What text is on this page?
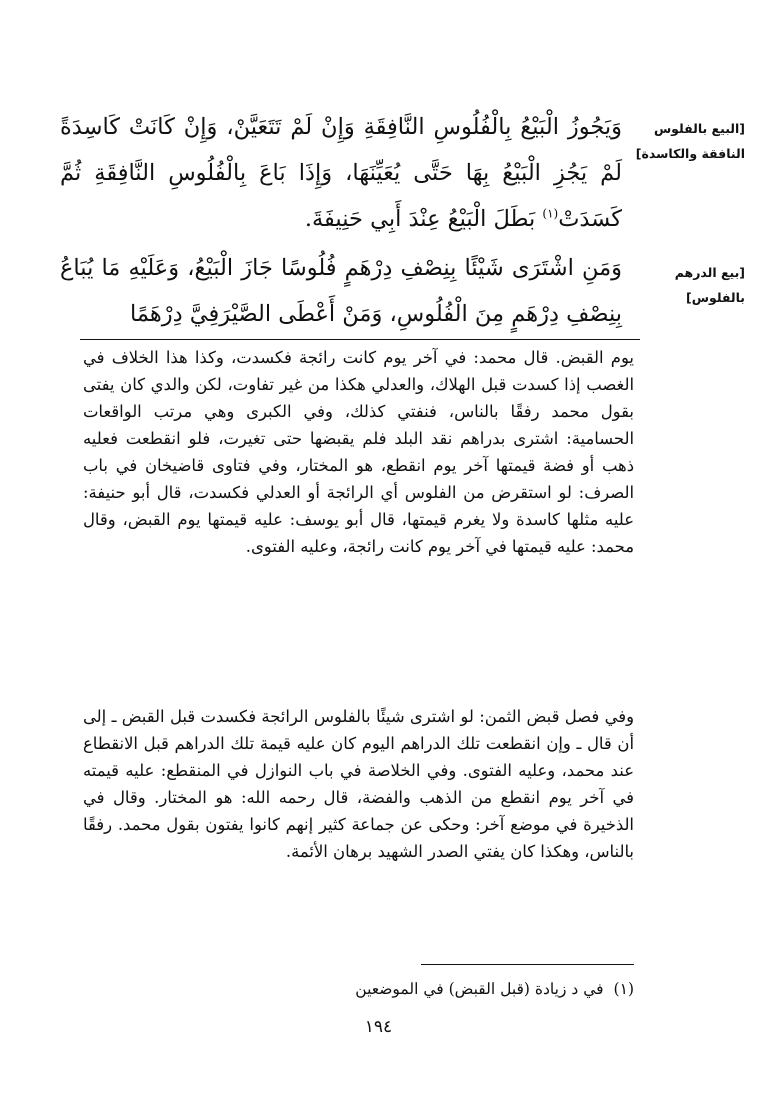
[البيع بالفلوس النافقة والكاسدة]
[بيع الدرهم بالفلوس]

وَيَجُوزُ الْبَيْعُ بِالْفُلُوسِ النَّافِقَةِ وَإِنْ لَمْ تَتَعَيَّنْ، وَإِنْ كَانَتْ كَاسِدَةً لَمْ يَجُزِ الْبَيْعُ بِهَا حَتَّى يُعَيِّنَهَا، وَإِذَا بَاعَ بِالْفُلُوسِ النَّافِقَةِ ثُمَّ كَسَدَتْ$^{(١)}$ بَطَلَ الْبَيْعُ عِنْدَ أَبِي حَنِيفَةَ.

وَمَنِ اشْتَرَى شَيْئًا بِنِصْفِ دِرْهَمٍ فُلُوسًا جَازَ الْبَيْعُ، وَعَلَيْهِ مَا يُبَاعُ بِنِصْفِ دِرْهَمٍ مِنَ الْفُلُوسِ، وَمَنْ أَعْطَى الصَّيْرَفِيَّ دِرْهَمًا

يوم القبض. قال محمد: في آخر يوم كانت رائجة فكسدت، وكذا هذا الخلاف في الغصب إذا كسدت قبل الهلاك، والعدلي هكذا من غير تفاوت، لكن والدي كان يفتى بقول محمد رفقًا بالناس، فنفتي كذلك، وفي الكبرى وهي مرتب الواقعات الحسامية: اشترى بدراهم نقد البلد فلم يقبضها حتى تغيرت، فلو انقطعت فعليه ذهب أو فضة قيمتها آخر يوم انقطع، هو المختار، وفي فتاوى قاضيخان في باب الصرف: لو استقرض من الفلوس أي الرائجة أو العدلي فكسدت، قال أبو حنيفة: عليه مثلها كاسدة ولا يغرم قيمتها، قال أبو يوسف: عليه قيمتها يوم القبض، وقال محمد: عليه قيمتها في آخر يوم كانت رائجة، وعليه الفتوى.

وفي فصل قبض الثمن: لو اشترى شيئًا بالفلوس الرائجة فكسدت قبل القبض ـ إلى أن قال ـ وإن انقطعت تلك الدراهم اليوم كان عليه قيمة تلك الدراهم قبل الانقطاع عند محمد، وعليه الفتوى. وفي الخلاصة في باب النوازل في المنقطع: عليه قيمته في آخر يوم انقطع من الذهب والفضة، قال رحمه الله: هو المختار. وقال في الذخيرة في موضع آخر: وحكى عن جماعة كثير إنهم كانوا يفتون بقول محمد. رفقًا بالناس، وهكذا كان يفتي الصدر الشهيد برهان الأئمة.

(١)في د زيادة (قبل القبض) في الموضعين

١٩٤
